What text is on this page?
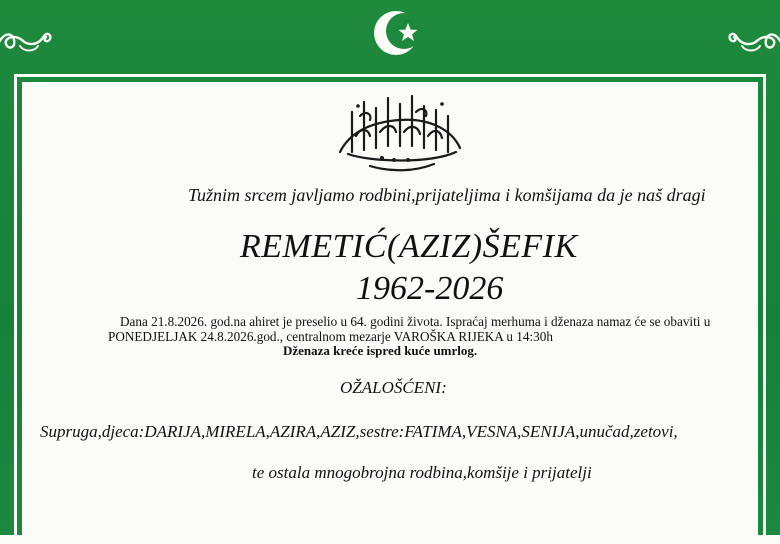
Tužnim srcem javljamo rodbini,prijateljima i komšijama da je naš dragi
REMETIĆ(AZIZ)ŠEFIK
1962-2026
Dana 21.8.2026. god.na ahiret je preselio u 64. godini života. Ispraćaj merhuma i dženaza namaz će se obaviti u
PONEDJELJAK 24.8.2026.god., centralnom mezarje VAROŠKA RIJEKA u 14:30h
Dženaza kreće ispred kuće umrlog.
OŽALOŠĆENI:
Supruga,djeca:DARIJA,MIRELA,AZIRA,AZIZ,sestre:FATIMA,VESNA,SENIJA,unučad,zetovi,
te ostala mnogobrojna rodbina,komšije i prijatelji
